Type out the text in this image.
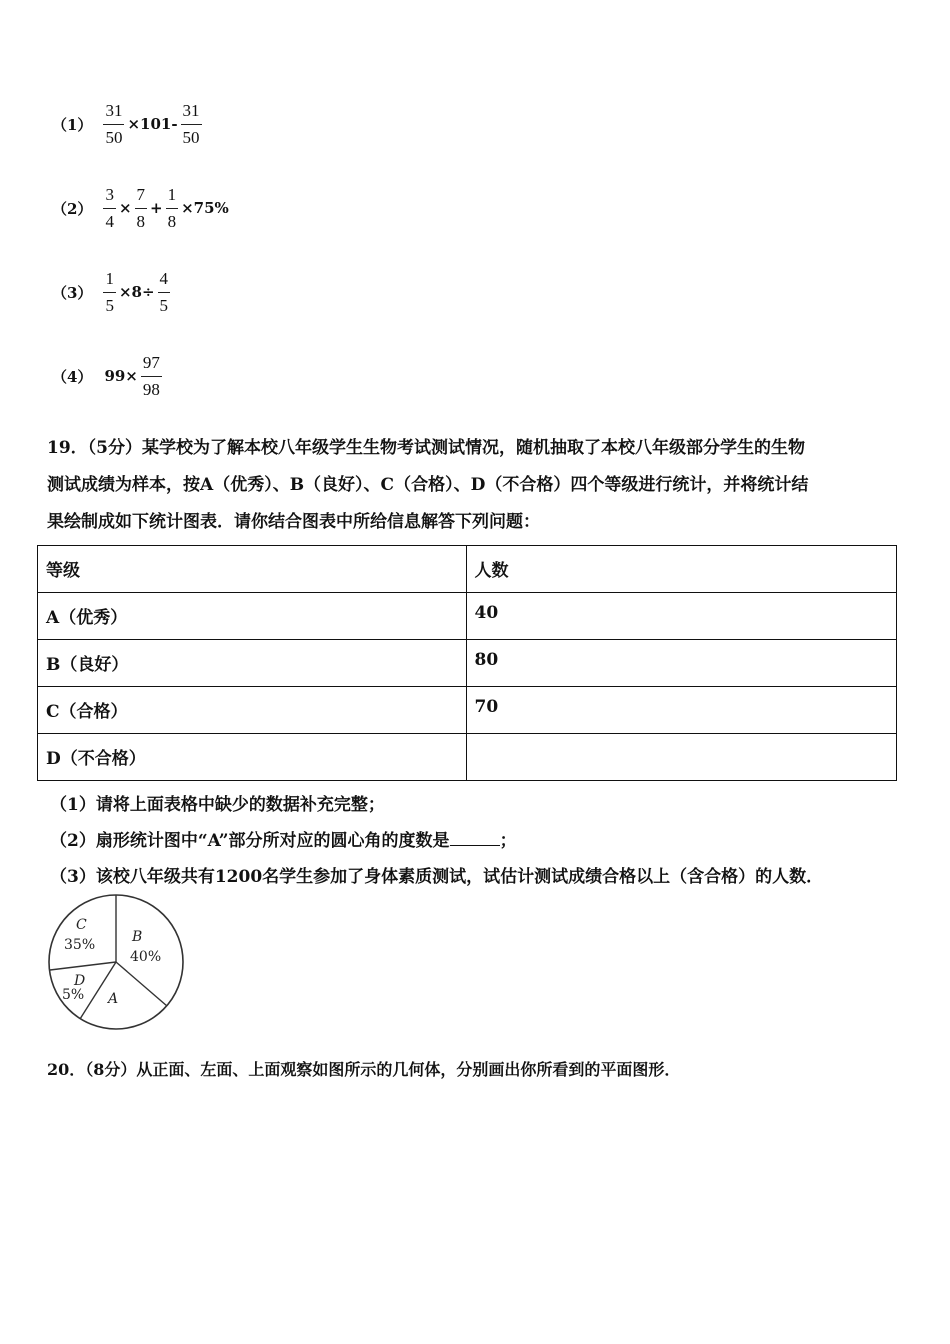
$(1) \frac{31}{50} \times 101- \frac{31}{50}$
$(2) \frac{3}{4} \times \frac{7}{8} + \frac{1}{8} \times 75\%$
$(3) \frac{1}{5} \times 8\div \frac{4}{5}$
（4） $99\times \frac{97}{98}$
19．（5分）某学校为了解本校八年级学生生物考试测试情况，随机抽取了本校八年级部分学生的生物
测试成绩为样本，按A（优秀）、B（良好）、C（合格）、D（不合格）四个等级进行统计，并将统计结
果绘制成如下统计图表．请你结合图表中所给信息解答下列问题：
等级	人数
A（优秀）	40
B（良好）	80
C（合格）	70
D（不合格）	
（1）请将上面表格中缺少的数据补充完整；
（2）扇形统计图中“A”部分所对应的圆心角的度数是	；
（3）该校八年级共有1200名学生参加了身体素质测试，试估计测试成绩合格以上（含合格）的人数．
C
35%	B
40%
D
5% A
20．（8分）从正面、左面、上面观察如图所示的几何体，分别画出你所看到的平面图形．
